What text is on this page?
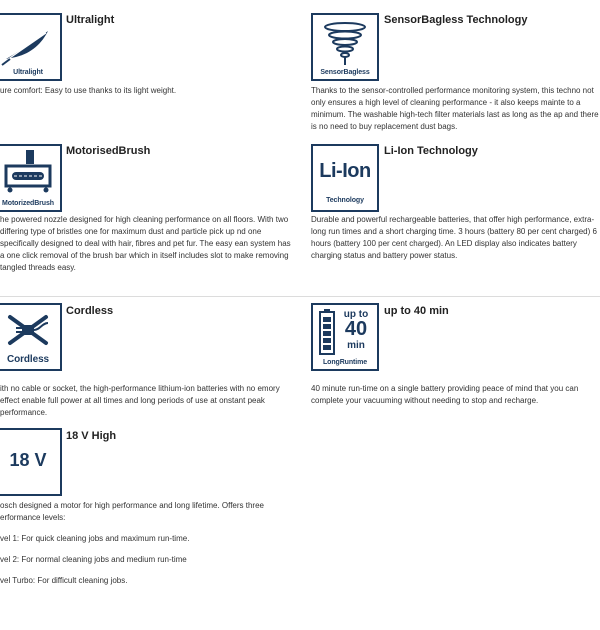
Ultralight
Ultralight
ure comfort: Easy to use thanks to its light weight.
SensorBagless
SensorBagless Technology
Thanks to the sensor-controlled performance monitoring system, this techno not only ensures a high level of cleaning performance - it also keeps mainte to a minimum. The washable high-tech filter materials last as long as the ap and there is no need to buy replacement dust bags.
MotorizedBrush
MotorisedBrush
he powered nozzle designed for high cleaning performance on all floors. With two differing type of bristles one for maximum dust and particle pick up nd one specifically designed to deal with hair, fibres and pet fur. The easy ean system has a one click removal of the brush bar which in itself includes slot to make removing tangled threads easy.
Li-Ion
Technology
Li-Ion Technology
Durable and powerful rechargeable batteries, that offer high performance, extra-long run times and a short charging time. 3 hours (battery 80 per cent charged) 6 hours (battery 100 per cent charged). An LED display also indicates battery charging status and battery power status.
Cordless
Cordless
ith no cable or socket, the high-performance lithium-ion batteries with no emory effect enable full power at all times and long periods of use at onstant peak performance.
up to
40
min
LongRuntime
up to 40 min
40 minute run-time on a single battery providing peace of mind that you can complete your vacuuming without needing to stop and recharge.
18 V
18 V High

osch designed a motor for high performance and long lifetime. Offers three erformance levels:

vel 1: For quick cleaning jobs and maximum run-time.

vel 2: For normal cleaning jobs and medium run-time

vel Turbo: For difficult cleaning jobs.
